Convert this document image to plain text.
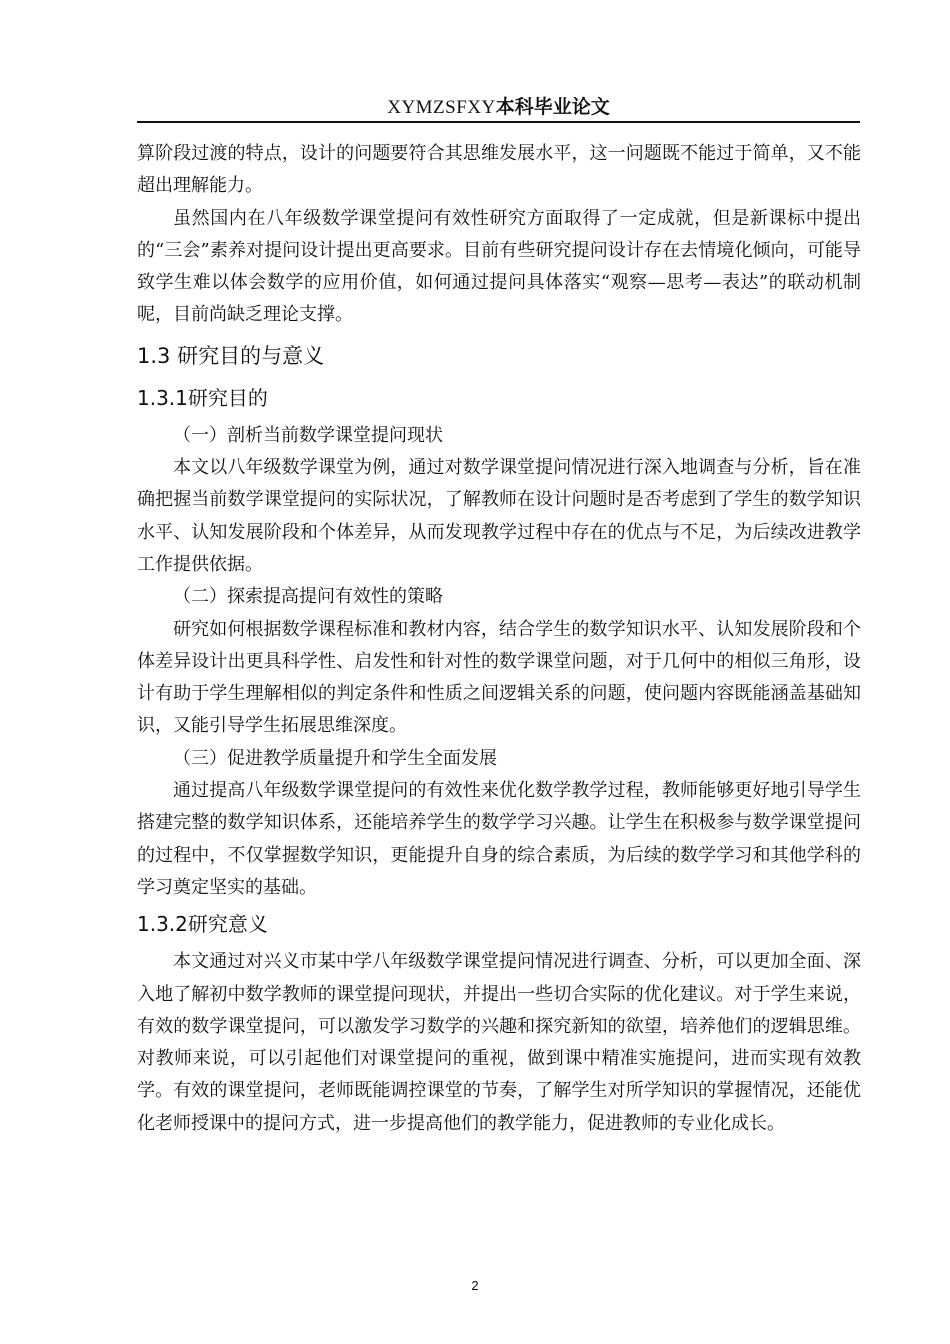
XYMZSFXY本科毕业论文

算阶段过渡的特点，设计的问题要符合其思维发展水平，这一问题既不能过于简单，又不能超出理解能力。

虽然国内在八年级数学课堂提问有效性研究方面取得了一定成就，但是新课标中提出的“三会”素养对提问设计提出更高要求。目前有些研究提问设计存在去情境化倾向，可能导致学生难以体会数学的应用价值，如何通过提问具体落实“观察—思考—表达”的联动机制呢，目前尚缺乏理论支撑。

1.3 研究目的与意义
1.3.1研究目的

（一）剖析当前数学课堂提问现状

本文以八年级数学课堂为例，通过对数学课堂提问情况进行深入地调查与分析，旨在准确把握当前数学课堂提问的实际状况，了解教师在设计问题时是否考虑到了学生的数学知识水平、认知发展阶段和个体差异，从而发现教学过程中存在的优点与不足，为后续改进教学工作提供依据。

（二）探索提高提问有效性的策略

研究如何根据数学课程标准和教材内容，结合学生的数学知识水平、认知发展阶段和个体差异设计出更具科学性、启发性和针对性的数学课堂问题，对于几何中的相似三角形，设计有助于学生理解相似的判定条件和性质之间逻辑关系的问题，使问题内容既能涵盖基础知识，又能引导学生拓展思维深度。

（三）促进教学质量提升和学生全面发展

通过提高八年级数学课堂提问的有效性来优化数学教学过程，教师能够更好地引导学生搭建完整的数学知识体系，还能培养学生的数学学习兴趣。让学生在积极参与数学课堂提问的过程中，不仅掌握数学知识，更能提升自身的综合素质，为后续的数学学习和其他学科的学习奠定坚实的基础。

1.3.2研究意义

本文通过对兴义市某中学八年级数学课堂提问情况进行调查、分析，可以更加全面、深入地了解初中数学教师的课堂提问现状，并提出一些切合实际的优化建议。对于学生来说，有效的数学课堂提问，可以激发学习数学的兴趣和探究新知的欲望，培养他们的逻辑思维。对教师来说，可以引起他们对课堂提问的重视，做到课中精准实施提问，进而实现有效教学。有效的课堂提问，老师既能调控课堂的节奏，了解学生对所学知识的掌握情况，还能优化老师授课中的提问方式，进一步提高他们的教学能力，促进教师的专业化成长。

2
